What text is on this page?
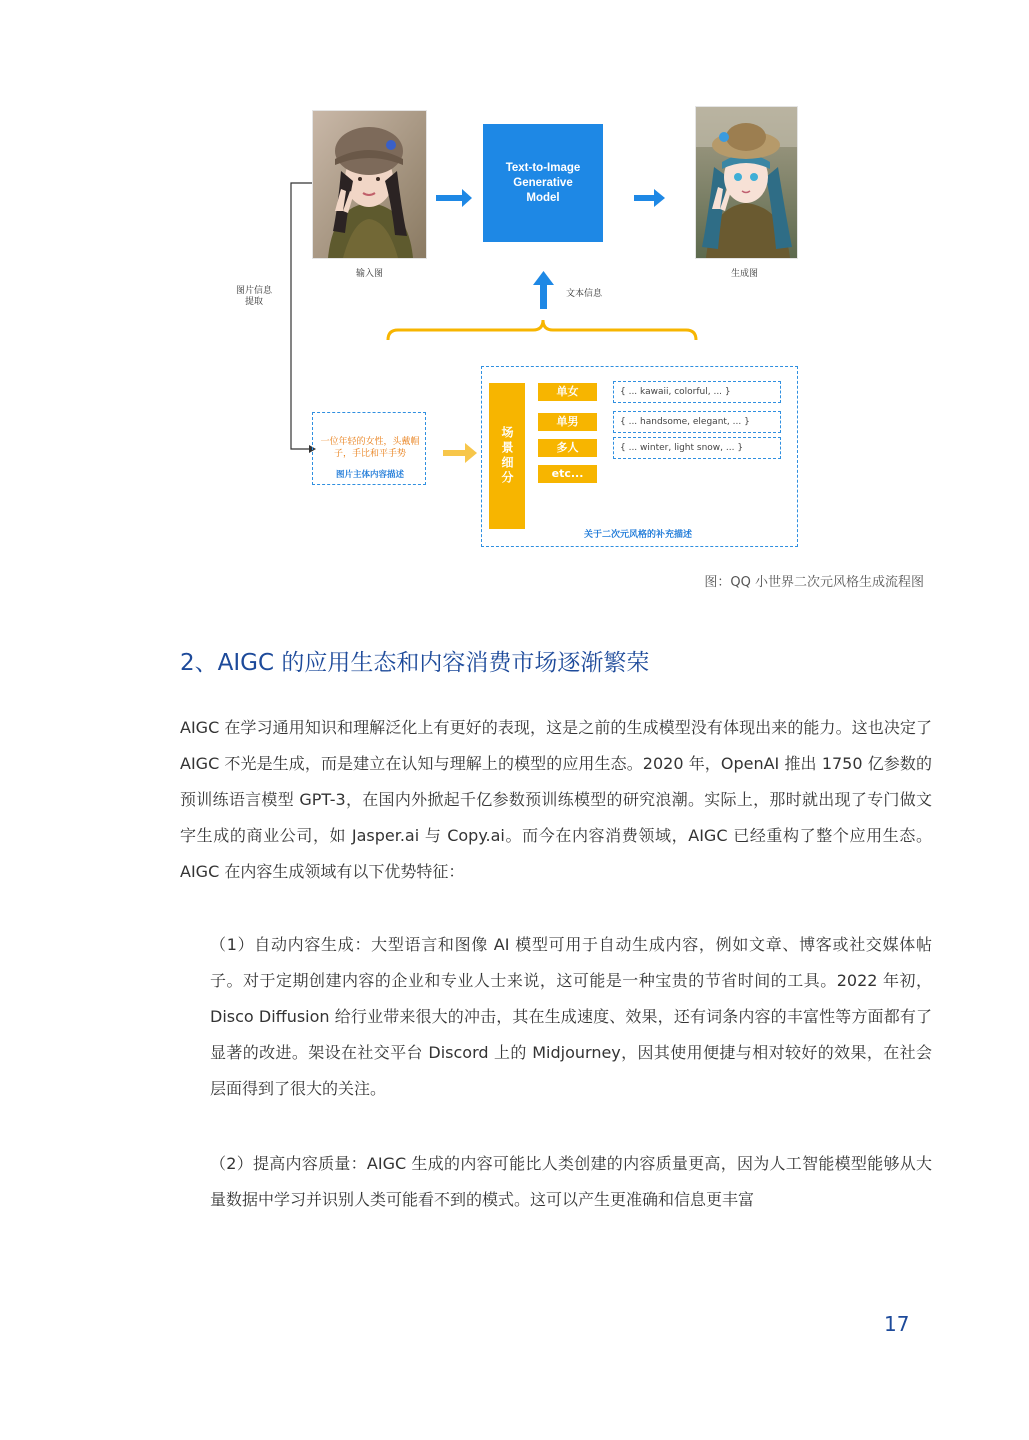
输入图
Text-to-Image
Generative
Model
生成图
图片信息
提取
文本信息
一位年轻的女性，头戴帽子，手比和平手势
图片主体内容描述	场景细分
单女
单男
多人
etc...
{ ... kawaii, colorful, ... }
{ ... handsome, elegant, ... }
{ ... winter, light snow, ... }
关于二次元风格的补充描述
图：QQ 小世界二次元风格生成流程图
2、AIGC 的应用生态和内容消费市场逐渐繁荣
AIGC 在学习通用知识和理解泛化上有更好的表现，这是之前的生成模型没有体现出来的能力。这也决定了 AIGC 不光是生成，而是建立在认知与理解上的模型的应用生态。2020 年，OpenAI 推出 1750 亿参数的预训练语言模型 GPT-3，在国内外掀起千亿参数预训练模型的研究浪潮。实际上，那时就出现了专门做文字生成的商业公司，如 Jasper.ai 与 Copy.ai。而今在内容消费领域，AIGC 已经重构了整个应用生态。AIGC 在内容生成领域有以下优势特征：
（1）自动内容生成：大型语言和图像 AI 模型可用于自动生成内容，例如文章、博客或社交媒体帖子。对于定期创建内容的企业和专业人士来说，这可能是一种宝贵的节省时间的工具。2022 年初，Disco Diffusion 给行业带来很大的冲击，其在生成速度、效果，还有词条内容的丰富性等方面都有了显著的改进。架设在社交平台 Discord 上的 Midjourney，因其使用便捷与相对较好的效果，在社会层面得到了很大的关注。
（2）提高内容质量：AIGC 生成的内容可能比人类创建的内容质量更高，因为人工智能模型能够从大量数据中学习并识别人类可能看不到的模式。这可以产生更准确和信息更丰富
17
